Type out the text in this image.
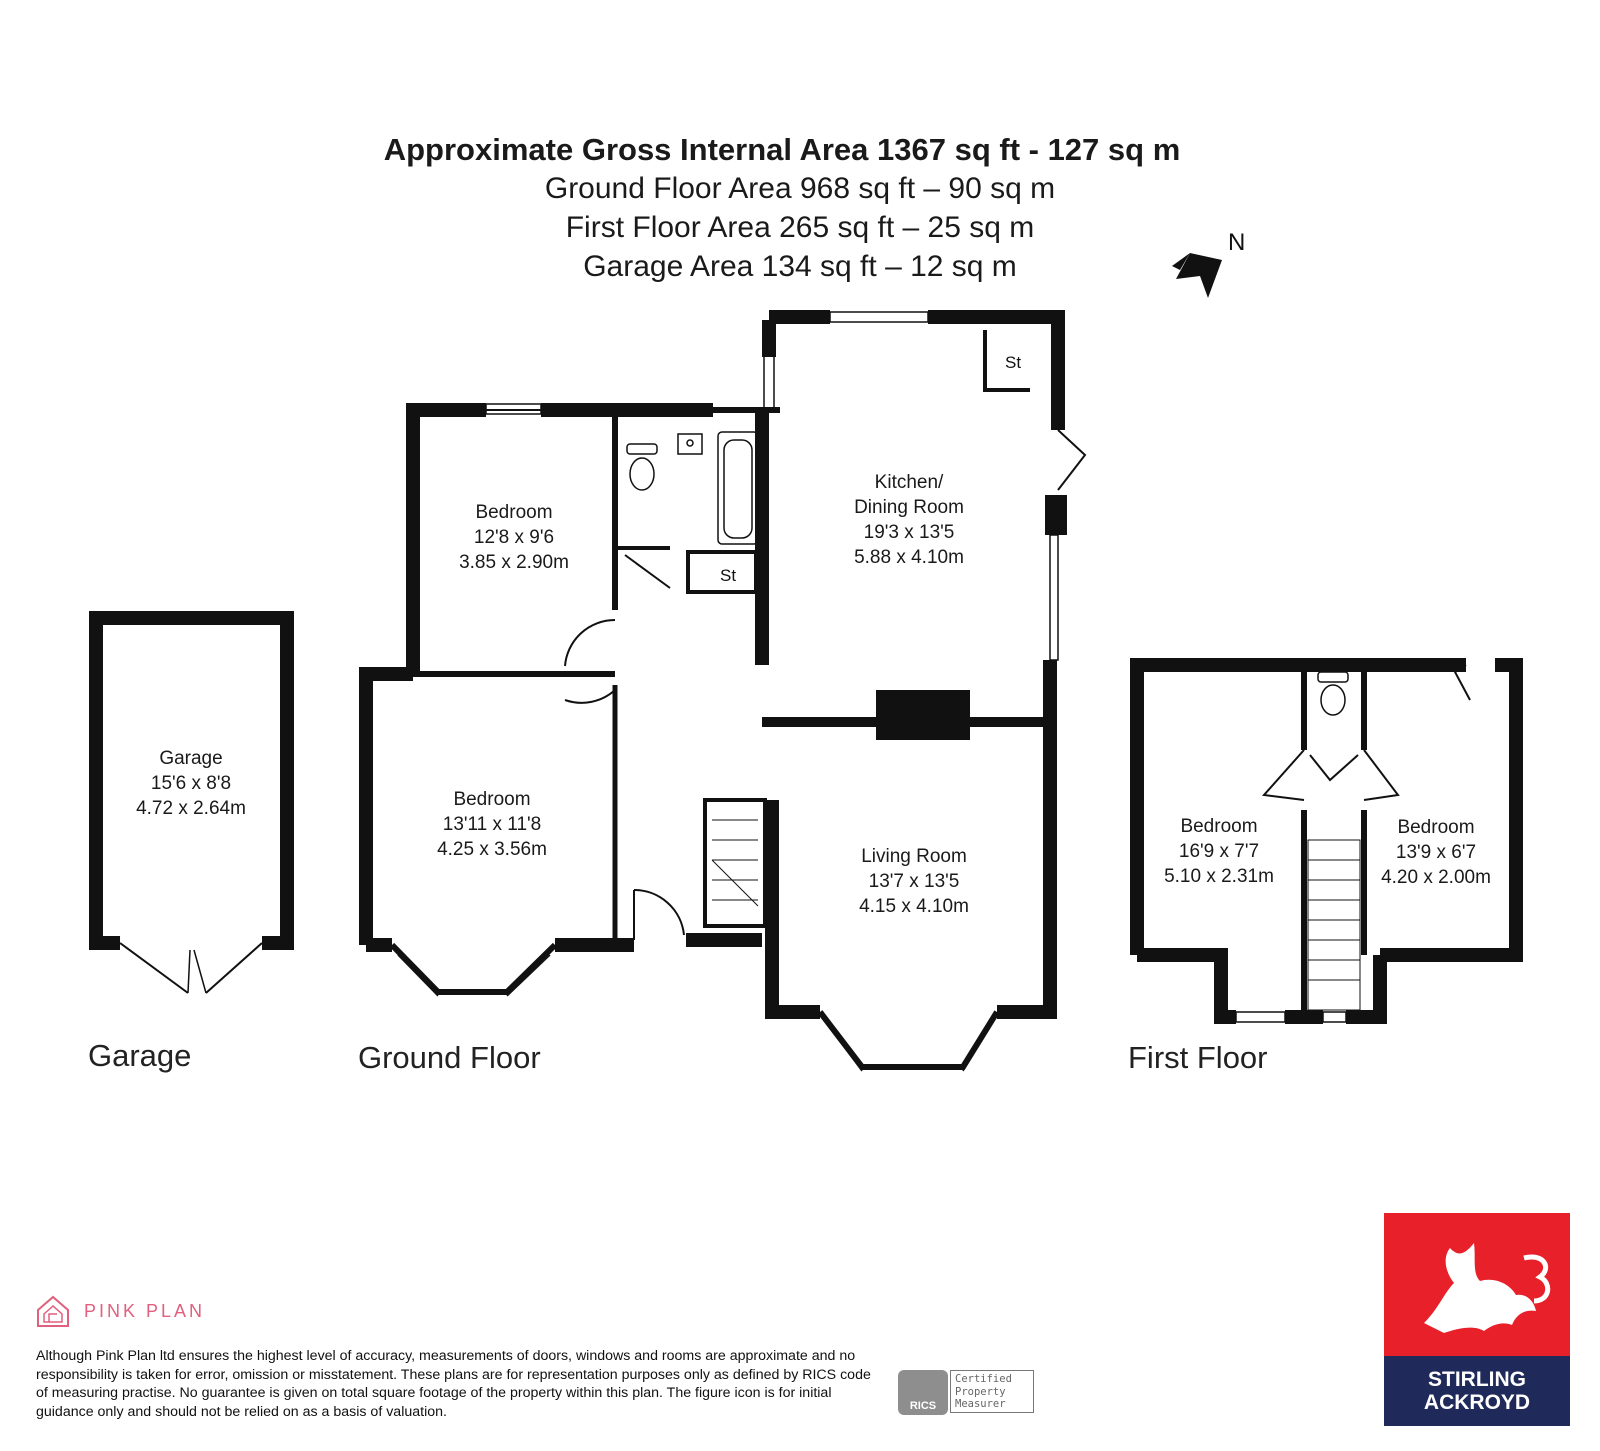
Approximate Gross Internal Area 1367 sq ft - 127 sq m
Ground Floor Area 968 sq ft – 90 sq m
First Floor Area 265 sq ft – 25 sq m
Garage Area 134 sq ft – 12 sq m
N
Garage
15'6 x 8'8
4.72 x 2.64m
St
St
Bedroom
12'8 x 9'6
3.85 x 2.90m
Bedroom
13'11 x 11'8
4.25 x 3.56m
Kitchen/
Dining Room
19'3 x 13'5
5.88 x 4.10m
Living Room
13'7 x 13'5
4.15 x 4.10m
Bedroom
16'9 x 7'7
5.10 x 2.31m
Bedroom
13'9 x 6'7
4.20 x 2.00m
Garage	Ground Floor	First Floor
PINK PLAN
Although Pink Plan ltd ensures the highest level of accuracy, measurements of doors, windows and rooms are approximate and no responsibility is taken for error, omission or misstatement. These plans are for representation purposes only as defined by RICS code of measuring practise. No guarantee is given on total square footage of the property within this plan. The figure icon is for initial guidance only and should not be relied on as a basis of valuation.	RICS
Certified
Property
Measurer
STIRLING
ACKROYD
